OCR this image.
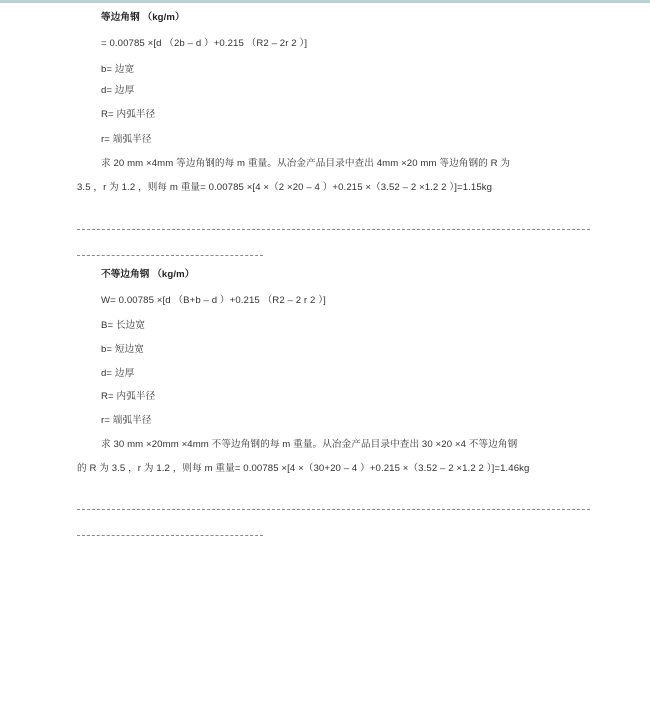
等边角钢 （kg/m）
= 0.00785 ×[d （2b – d ）+0.215 （R2 – 2r 2 ）]
b= 边宽
d= 边厚
R= 内弧半径
r= 端弧半径
求 20 mm ×4mm 等边角钢的每 m 重量。从冶金产品目录中查出 4mm ×20 mm 等边角钢的 R 为
3.5 ，r 为 1.2 ，则每 m 重量= 0.00785 ×[4 ×（2 ×20 – 4 ）+0.215 ×（3.52 – 2 ×1.2 2 ）]=1.15kg
不等边角钢 （kg/m）
W= 0.00785 ×[d （B+b – d ）+0.215 （R2 – 2 r 2 ）]
B= 长边宽
b= 短边宽
d= 边厚
R= 内弧半径
r= 端弧半径
求 30 mm ×20mm ×4mm 不等边角钢的每 m 重量。从冶金产品目录中查出 30 ×20 ×4 不等边角钢
的 R 为 3.5 ，r 为 1.2 ，则每 m 重量= 0.00785 ×[4 ×（30+20 – 4 ）+0.215 ×（3.52 – 2 ×1.2 2 ）]=1.46kg
